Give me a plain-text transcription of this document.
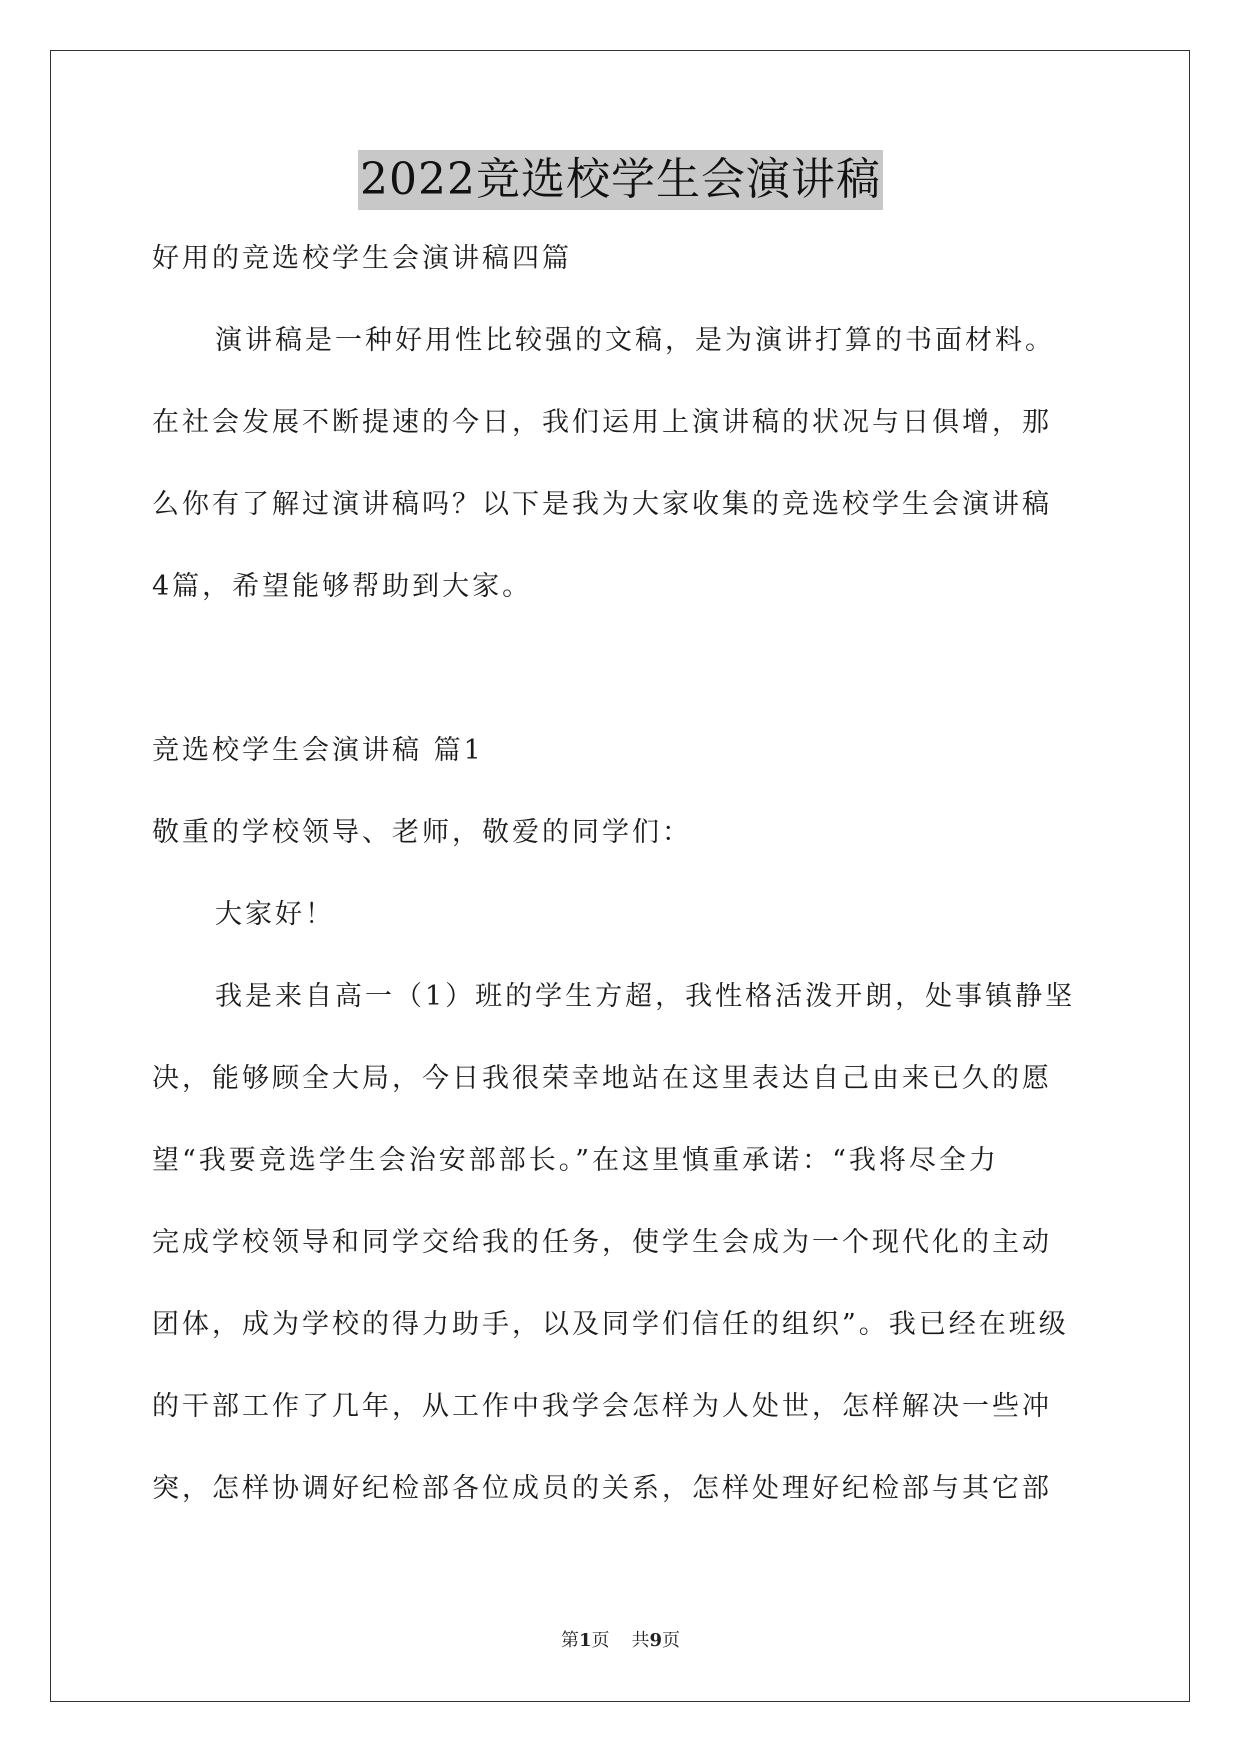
2022竞选校学生会演讲稿
好用的竞选校学生会演讲稿四篇
演讲稿是一种好用性比较强的文稿，是为演讲打算的书面材料。
在社会发展不断提速的今日，我们运用上演讲稿的状况与日俱增，那
么你有了解过演讲稿吗？以下是我为大家收集的竞选校学生会演讲稿
4篇，希望能够帮助到大家。
竞选校学生会演讲稿 篇1
敬重的学校领导、老师，敬爱的同学们：
大家好！
我是来自高一（1）班的学生方超，我性格活泼开朗，处事镇静坚
决，能够顾全大局，今日我很荣幸地站在这里表达自己由来已久的愿
望“我要竞选学生会治安部部长。”在这里慎重承诺：“我将尽全力
完成学校领导和同学交给我的任务，使学生会成为一个现代化的主动
团体，成为学校的得力助手，以及同学们信任的组织”。我已经在班级
的干部工作了几年，从工作中我学会怎样为人处世，怎样解决一些冲
突，怎样协调好纪检部各位成员的关系，怎样处理好纪检部与其它部
第1页 共9页
